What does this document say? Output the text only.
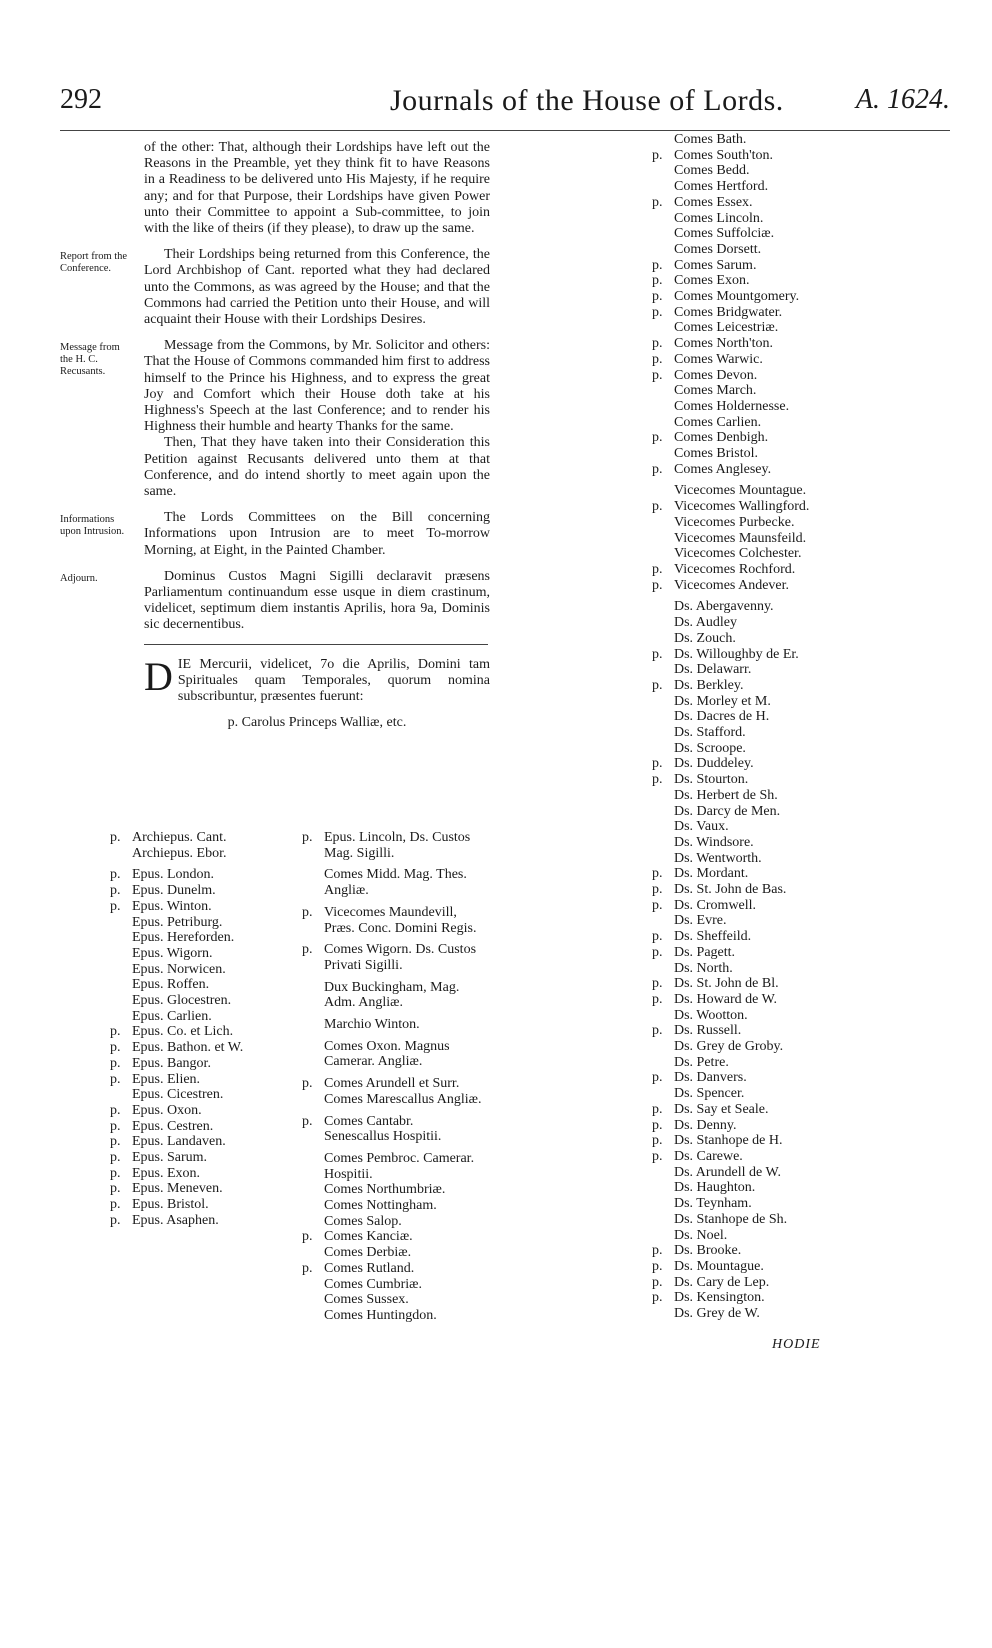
292	Journals of the House of Lords.	A. 1624.
of the other: That, although their Lordships have left out the Reasons in the Preamble, yet they think fit to have Reasons in a Readiness to be delivered unto His Majesty, if he require any; and for that Purpose, their Lordships have given Power unto their Committee to appoint a Sub-committee, to join with the like of theirs (if they please), to draw up the same.
Report from the Conference.
Their Lordships being returned from this Conference, the Lord Archbishop of Cant. reported what they had declared unto the Commons, as was agreed by the House; and that the Commons had carried the Petition unto their House, and will acquaint their House with their Lordships Desires.
Message from the H. C. Recusants.
Message from the Commons, by Mr. Solicitor and others: That the House of Commons commanded him first to address himself to the Prince his Highness, and to express the great Joy and Comfort which their House doth take at his Highness's Speech at the last Conference; and to render his Highness their humble and hearty Thanks for the same.
Then, That they have taken into their Consideration this Petition against Recusants delivered unto them at that Conference, and do intend shortly to meet again upon the same.
Informations upon Intrusion.
The Lords Committees on the Bill concerning Informations upon Intrusion are to meet To-morrow Morning, at Eight, in the Painted Chamber.
Adjourn.	Dominus Custos Magni Sigilli declaravit præsens Parliamentum continuandum esse usque in diem crastinum, videlicet, septimum diem instantis Aprilis, hora 9a, Dominis sic decernentibus.
D IE Mercurii, videlicet, 7o die Aprilis, Domini tam Spirituales quam Temporales, quorum nomina subscribuntur, præsentes fuerunt:
p. Carolus Princeps Walliæ, etc.
p. Archiepus. Cant.
Archiepus. Ebor.
p. Epus. London.
p. Epus. Dunelm.
p. Epus. Winton.
Epus. Petriburg.
Epus. Hereforden.
Epus. Wigorn.
Epus. Norwicen.
Epus. Roffen.
Epus. Glocestren.
Epus. Carlien.
p. Epus. Co. et Lich.
p. Epus. Bathon. et W.
p. Epus. Bangor.
p. Epus. Elien.
Epus. Cicestren.
p. Epus. Oxon.
p. Epus. Cestren.
p. Epus. Landaven.
p. Epus. Sarum.
p. Epus. Exon.
p. Epus. Meneven.
p. Epus. Bristol.
p. Epus. Asaphen.
p. Epus. Lincoln, Ds. Custos Mag. Sigilli.
Comes Midd. Mag. Thes. Angliæ.
p. Vicecomes Maundevill, Præs. Conc. Domini Regis.
p. Comes Wigorn. Ds. Custos Privati Sigilli.
Dux Buckingham, Mag. Adm. Angliæ.
Marchio Winton.
Comes Oxon. Magnus Camerar. Angliæ.
p. Comes Arundell et Surr. Comes Marescallus Angliæ.
p. Comes Cantabr. Senescallus Hospitii.
Comes Pembroc. Camerar. Hospitii.
Comes Northumbriæ.
Comes Nottingham.
Comes Salop.
p. Comes Kanciæ.
Comes Derbiæ.
p. Comes Rutland.
Comes Cumbriæ.
Comes Sussex.
Comes Huntingdon.
Comes Bath.
p. Comes South'ton.
Comes Bedd.
Comes Hertford.
p. Comes Essex.
Comes Lincoln.
Comes Suffolciæ.
Comes Dorsett.
p. Comes Sarum.
p. Comes Exon.
p. Comes Mountgomery.
p. Comes Bridgwater.
Comes Leicestriæ.
p. Comes North'ton.
p. Comes Warwic.
p. Comes Devon.
Comes March.
Comes Holdernesse.
Comes Carlien.
p. Comes Denbigh.
Comes Bristol.
p. Comes Anglesey.
Vicecomes Mountague.
p. Vicecomes Wallingford.
Vicecomes Purbecke.
Vicecomes Maunsfeild.
Vicecomes Colchester.
p. Vicecomes Rochford.
p. Vicecomes Andever.
Ds. Abergavenny.
Ds. Audley
Ds. Zouch.
p. Ds. Willoughby de Er.
Ds. Delawarr.
p. Ds. Berkley.
Ds. Morley et M.
Ds. Dacres de H.
Ds. Stafford.
Ds. Scroope.
p. Ds. Duddeley.
p. Ds. Stourton.
Ds. Herbert de Sh.
Ds. Darcy de Men.
Ds. Vaux.
Ds. Windsore.
Ds. Wentworth.
p. Ds. Mordant.
p. Ds. St. John de Bas.
p. Ds. Cromwell.
Ds. Evre.
p. Ds. Sheffeild.
p. Ds. Pagett.
Ds. North.
p. Ds. St. John de Bl.
p. Ds. Howard de W.
Ds. Wootton.
p. Ds. Russell.
Ds. Grey de Groby.
Ds. Petre.
p. Ds. Danvers.
Ds. Spencer.
p. Ds. Say et Seale.
p. Ds. Denny.
p. Ds. Stanhope de H.
p. Ds. Carewe.
Ds. Arundell de W.
Ds. Haughton.
Ds. Teynham.
Ds. Stanhope de Sh.
Ds. Noel.
p. Ds. Brooke.
p. Ds. Mountague.
p. Ds. Cary de Lep.
p. Ds. Kensington.
Ds. Grey de W.
HODIE
